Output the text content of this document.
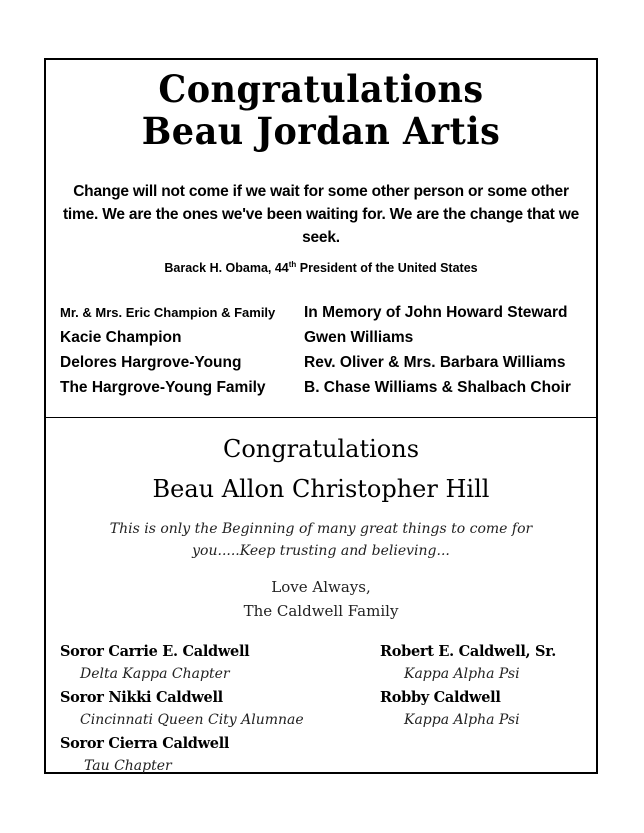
Congratulations
Beau Jordan Artis
Change will not come if we wait for some other person or some other time. We are the ones we've been waiting for. We are the change that we seek.
Barack H. Obama, 44th President of the United States
Mr. & Mrs. Eric Champion & Family
Kacie Champion
Delores Hargrove-Young
The Hargrove-Young Family
In Memory of John Howard Steward
Gwen Williams
Rev. Oliver & Mrs. Barbara Williams
B. Chase Williams & Shalbach Choir
Congratulations
Beau Allon Christopher Hill
This is only the Beginning of many great things to come for
you.....Keep trusting and believing...
Love Always,
The Caldwell Family
Soror Carrie E. Caldwell
Delta Kappa Chapter
Soror Nikki Caldwell
Cincinnati Queen City Alumnae
Soror Cierra Caldwell
Tau Chapter
Robert E. Caldwell, Sr.
Kappa Alpha Psi
Robby Caldwell
Kappa Alpha Psi
